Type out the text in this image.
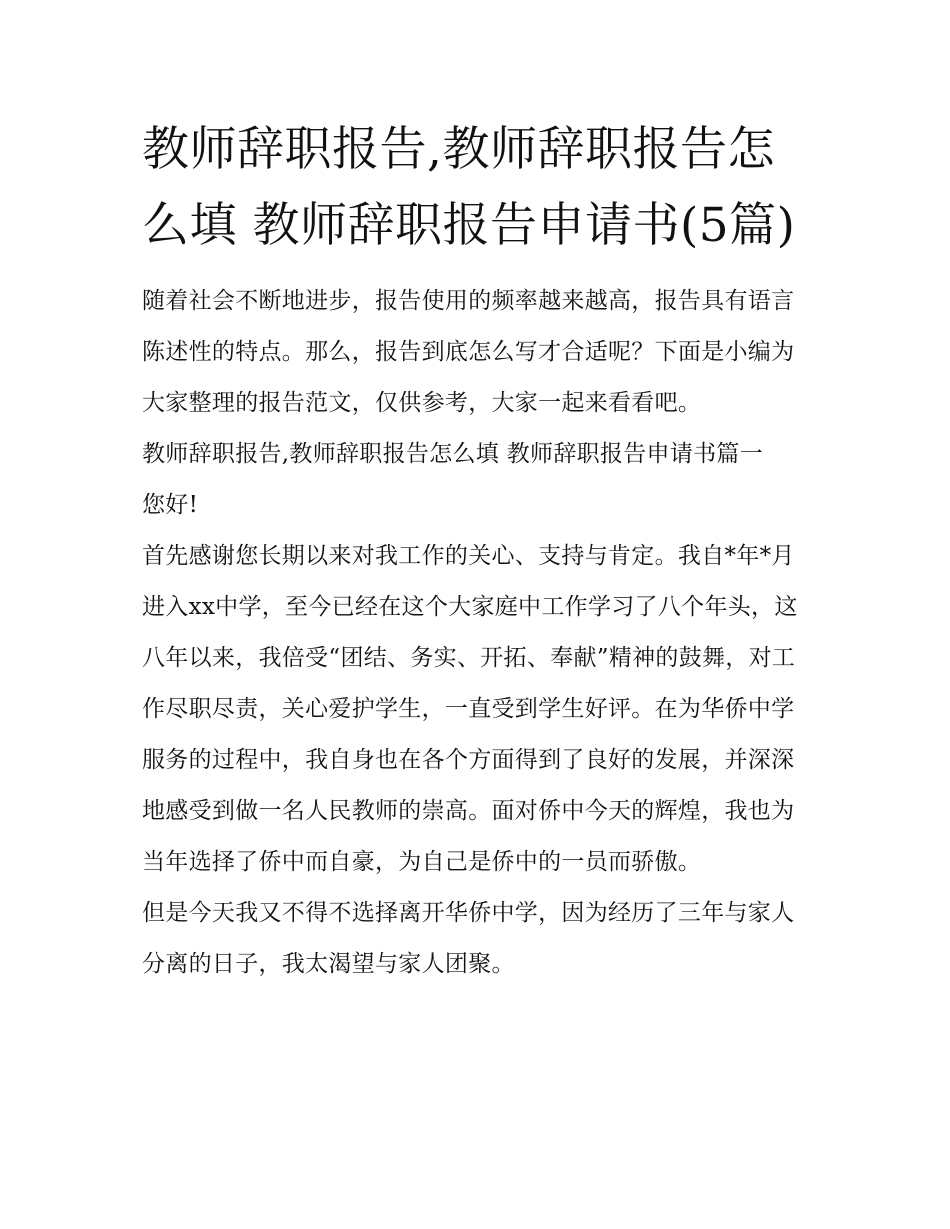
教师辞职报告,教师辞职报告怎么填 教师辞职报告申请书(5篇)

随着社会不断地进步，报告使用的频率越来越高，报告具有语言陈述性的特点。那么，报告到底怎么写才合适呢？下面是小编为大家整理的报告范文，仅供参考，大家一起来看看吧。

教师辞职报告,教师辞职报告怎么填 教师辞职报告申请书篇一

您好!

首先感谢您长期以来对我工作的关心、支持与肯定。我自*年*月进入xx中学，至今已经在这个大家庭中工作学习了八个年头，这八年以来，我倍受“团结、务实、开拓、奉献”精神的鼓舞，对工作尽职尽责，关心爱护学生，一直受到学生好评。在为华侨中学服务的过程中，我自身也在各个方面得到了良好的发展，并深深地感受到做一名人民教师的崇高。面对侨中今天的辉煌，我也为当年选择了侨中而自豪，为自己是侨中的一员而骄傲。

但是今天我又不得不选择离开华侨中学，因为经历了三年与家人分离的日子，我太渴望与家人团聚。
